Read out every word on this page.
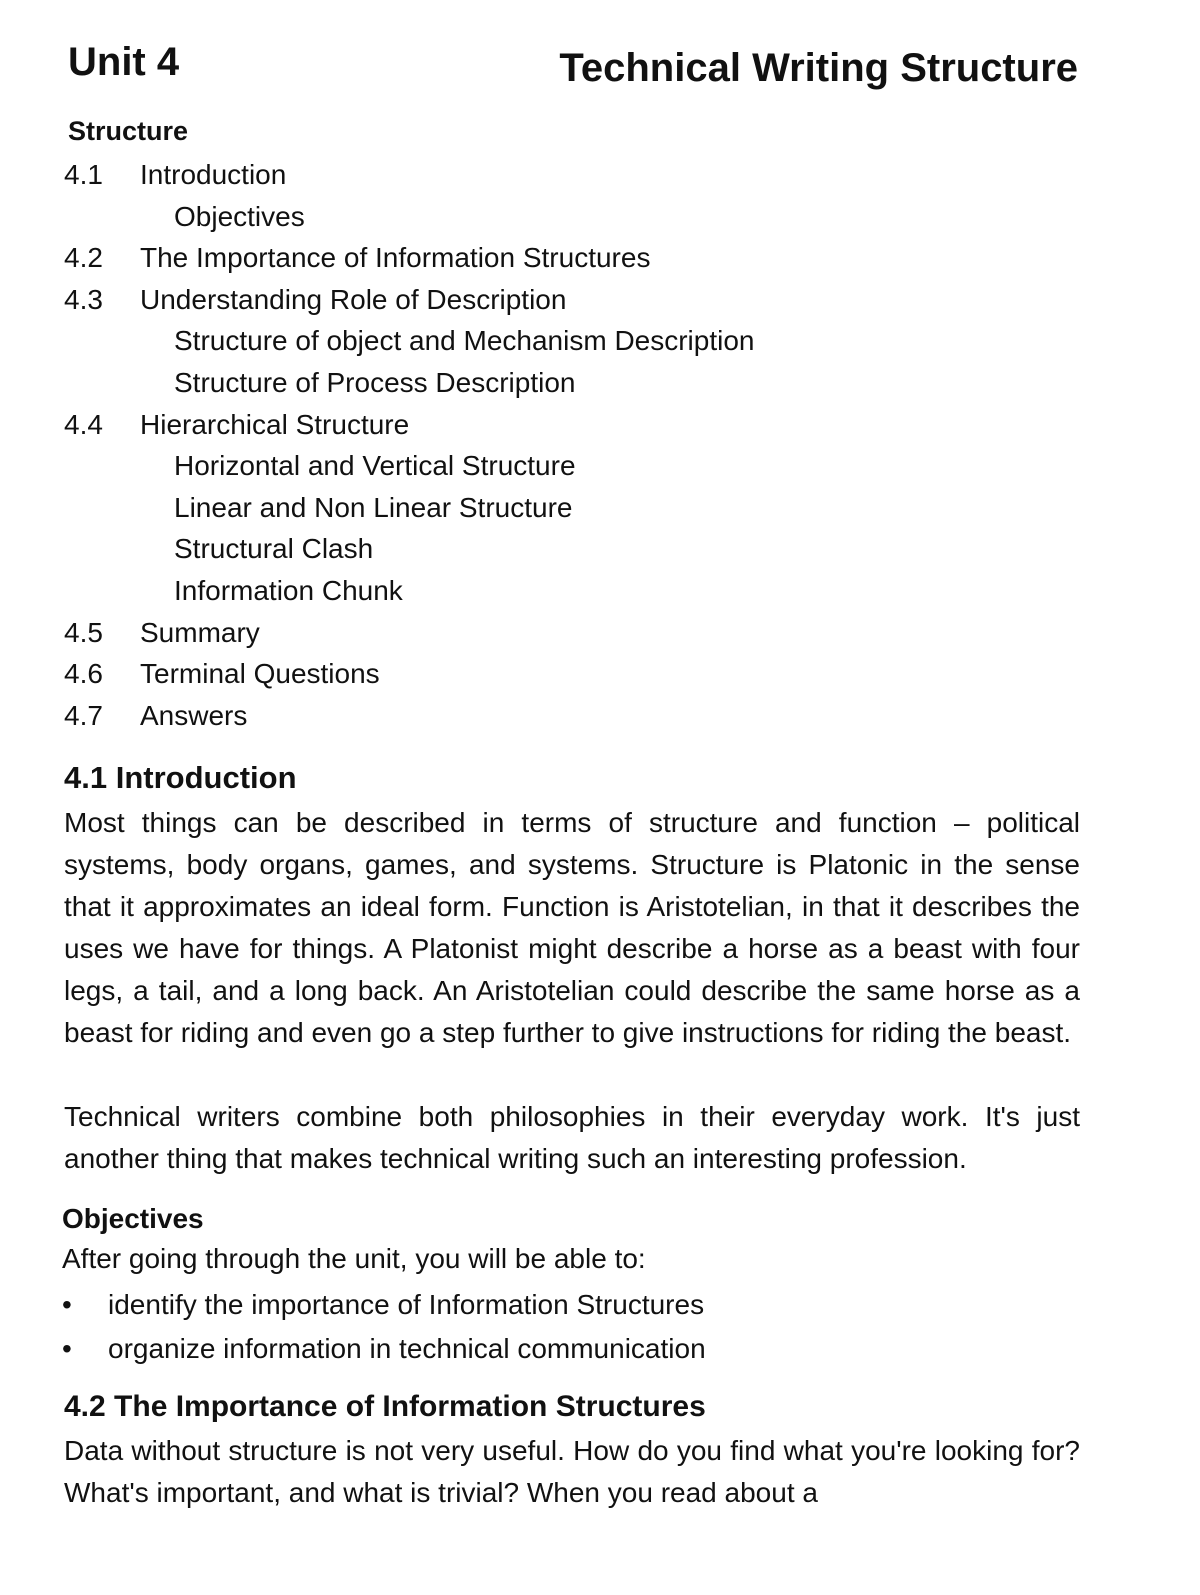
Unit 4	Technical Writing Structure
Structure
4.1	Introduction
Objectives
4.2	The Importance of Information Structures
4.3	Understanding Role of Description
Structure of object and Mechanism Description
Structure of Process Description
4.4	Hierarchical Structure
Horizontal and Vertical Structure
Linear and Non Linear Structure
Structural Clash
Information Chunk
4.5	Summary
4.6	Terminal Questions
4.7	Answers
4.1 Introduction
Most things can be described in terms of structure and function – political systems, body organs, games, and systems. Structure is Platonic in the sense that it approximates an ideal form. Function is Aristotelian, in that it describes the uses we have for things. A Platonist might describe a horse as a beast with four legs, a tail, and a long back. An Aristotelian could describe the same horse as a beast for riding and even go a step further to give instructions for riding the beast.
Technical writers combine both philosophies in their everyday work. It's just another thing that makes technical writing such an interesting profession.
Objectives
After going through the unit, you will be able to:
•	identify the importance of Information Structures
•	organize information in technical communication
4.2 The Importance of Information Structures
Data without structure is not very useful. How do you find what you're looking for? What's important, and what is trivial? When you read about a
